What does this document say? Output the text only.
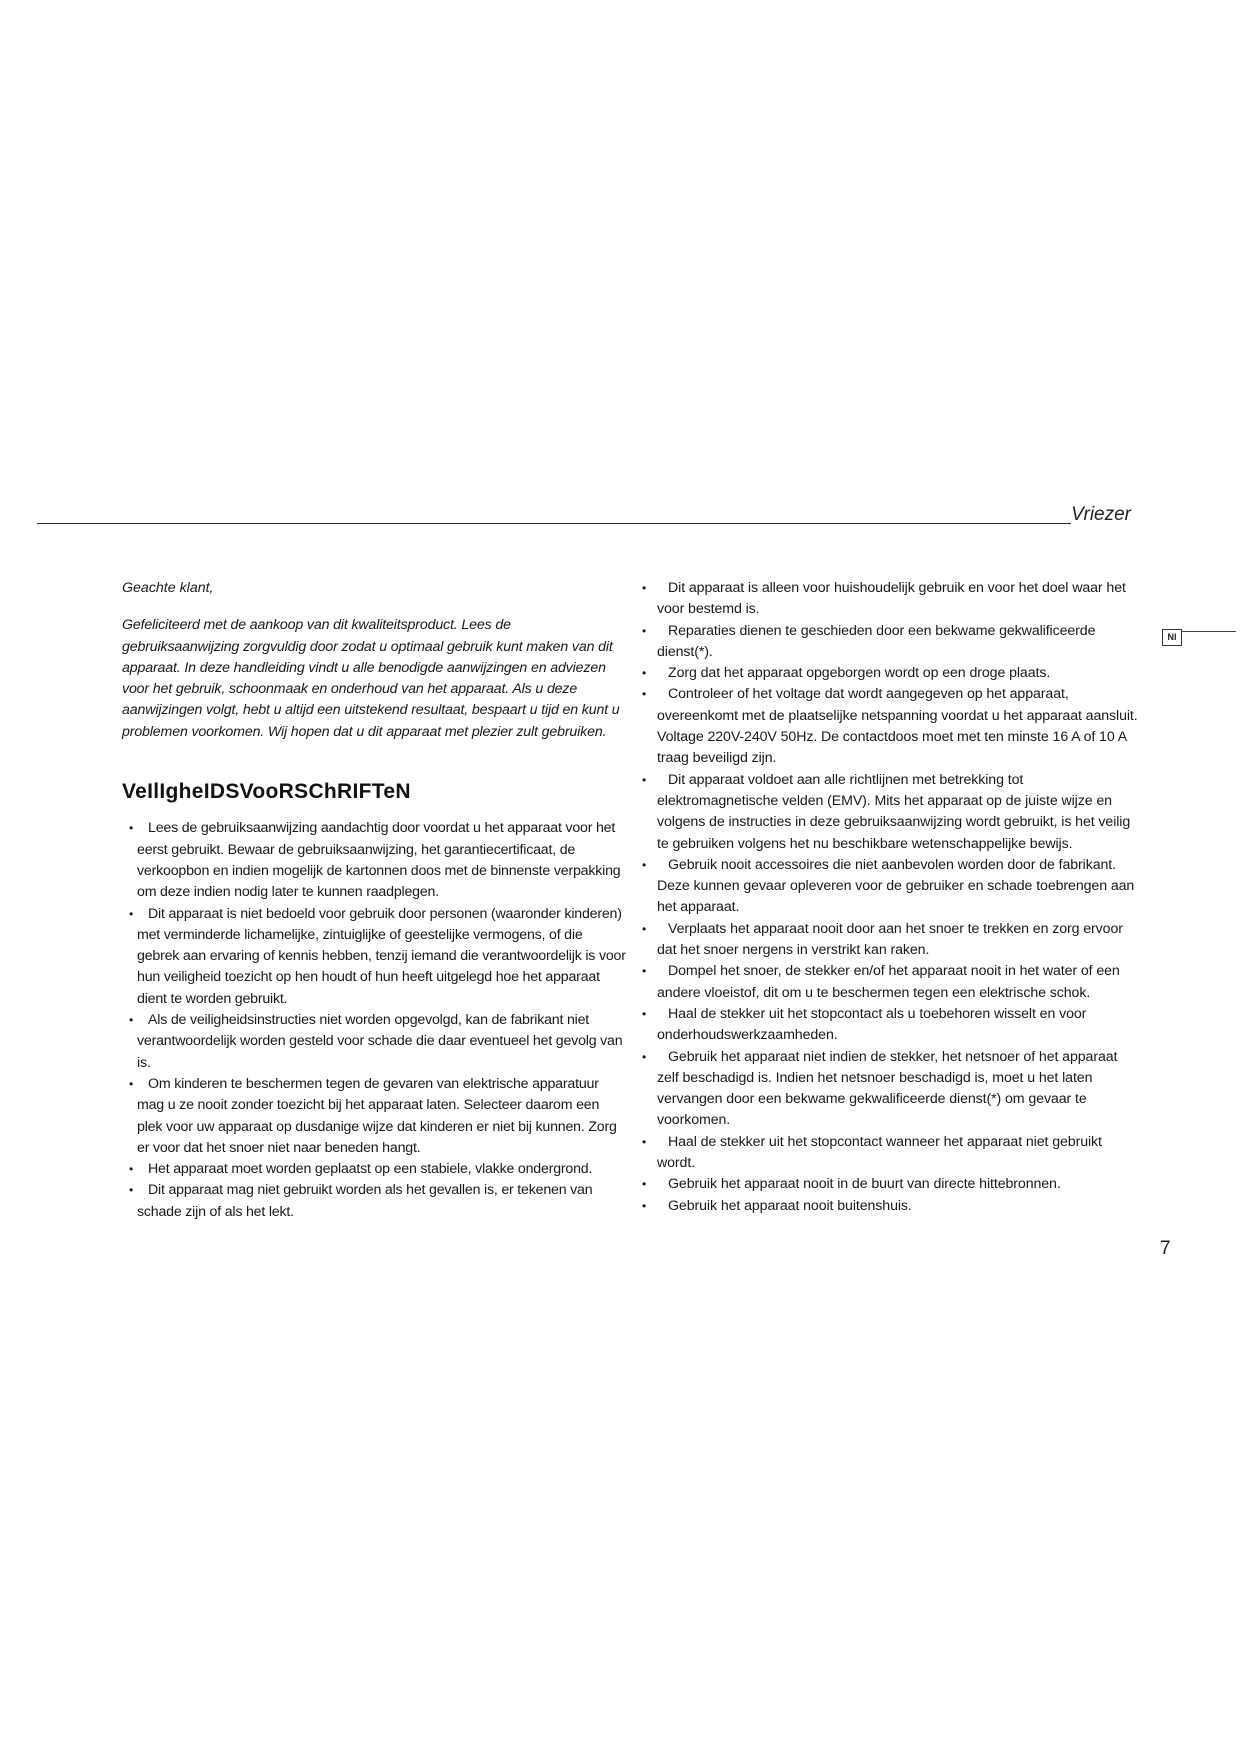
Vriezer
Nl

Geachte klant,

Gefeliciteerd met de aankoop van dit kwaliteitsproduct. Lees de gebruiksaanwijzing zorgvuldig door zodat u optimaal gebruik kunt maken van dit apparaat. In deze handleiding vindt u alle benodigde aanwijzingen en adviezen voor het gebruik, schoonmaak en onderhoud van het apparaat. Als u deze aanwijzingen volgt, hebt u altijd een uitstekend resultaat, bespaart u tijd en kunt u problemen voorkomen. Wij hopen dat u dit apparaat met plezier zult gebruiken.

VeIlIgheIDSVooRSChRIFTeN
• Lees de gebruiksaanwijzing aandachtig door voordat u het apparaat voor het eerst gebruikt. Bewaar de gebruiksaanwijzing, het garantiecertificaat, de verkoopbon en indien mogelijk de kartonnen doos met de binnenste verpakking om deze indien nodig later te kunnen raadplegen.
• Dit apparaat is niet bedoeld voor gebruik door personen (waaronder kinderen) met verminderde lichamelijke, zintuiglijke of geestelijke vermogens, of die gebrek aan ervaring of kennis hebben, tenzij iemand die verantwoordelijk is voor hun veiligheid toezicht op hen houdt of hun heeft uitgelegd hoe het apparaat dient te worden gebruikt.
• Als de veiligheidsinstructies niet worden opgevolgd, kan de fabrikant niet verantwoordelijk worden gesteld voor schade die daar eventueel het gevolg van is.
• Om kinderen te beschermen tegen de gevaren van elektrische apparatuur mag u ze nooit zonder toezicht bij het apparaat laten. Selecteer daarom een plek voor uw apparaat op dusdanige wijze dat kinderen er niet bij kunnen. Zorg er voor dat het snoer niet naar beneden hangt.
• Het apparaat moet worden geplaatst op een stabiele, vlakke ondergrond.
• Dit apparaat mag niet gebruikt worden als het gevallen is, er tekenen van schade zijn of als het lekt.
• Dit apparaat is alleen voor huishoudelijk gebruik en voor het doel waar het voor bestemd is.
• Reparaties dienen te geschieden door een bekwame gekwalificeerde dienst(*).
• Zorg dat het apparaat opgeborgen wordt op een droge plaats.
• Controleer of het voltage dat wordt aangegeven op het apparaat, overeenkomt met de plaatselijke netspanning voordat u het apparaat aansluit. Voltage 220V-240V 50Hz. De contactdoos moet met ten minste 16 A of 10 A traag beveiligd zijn.
• Dit apparaat voldoet aan alle richtlijnen met betrekking tot elektromagnetische velden (EMV). Mits het apparaat op de juiste wijze en volgens de instructies in deze gebruiksaanwijzing wordt gebruikt, is het veilig te gebruiken volgens het nu beschikbare wetenschappelijke bewijs.
• Gebruik nooit accessoires die niet aanbevolen worden door de fabrikant. Deze kunnen gevaar opleveren voor de gebruiker en schade toebrengen aan het apparaat.
• Verplaats het apparaat nooit door aan het snoer te trekken en zorg ervoor dat het snoer nergens in verstrikt kan raken.
• Dompel het snoer, de stekker en/of het apparaat nooit in het water of een andere vloeistof, dit om u te beschermen tegen een elektrische schok.
• Haal de stekker uit het stopcontact als u toebehoren wisselt en voor onderhoudswerkzaamheden.
• Gebruik het apparaat niet indien de stekker, het netsnoer of het apparaat zelf beschadigd is. Indien het netsnoer beschadigd is, moet u het laten vervangen door een bekwame gekwalificeerde dienst(*) om gevaar te voorkomen.
• Haal de stekker uit het stopcontact wanneer het apparaat niet gebruikt wordt.
• Gebruik het apparaat nooit in de buurt van directe hittebronnen.
• Gebruik het apparaat nooit buitenshuis.
7
